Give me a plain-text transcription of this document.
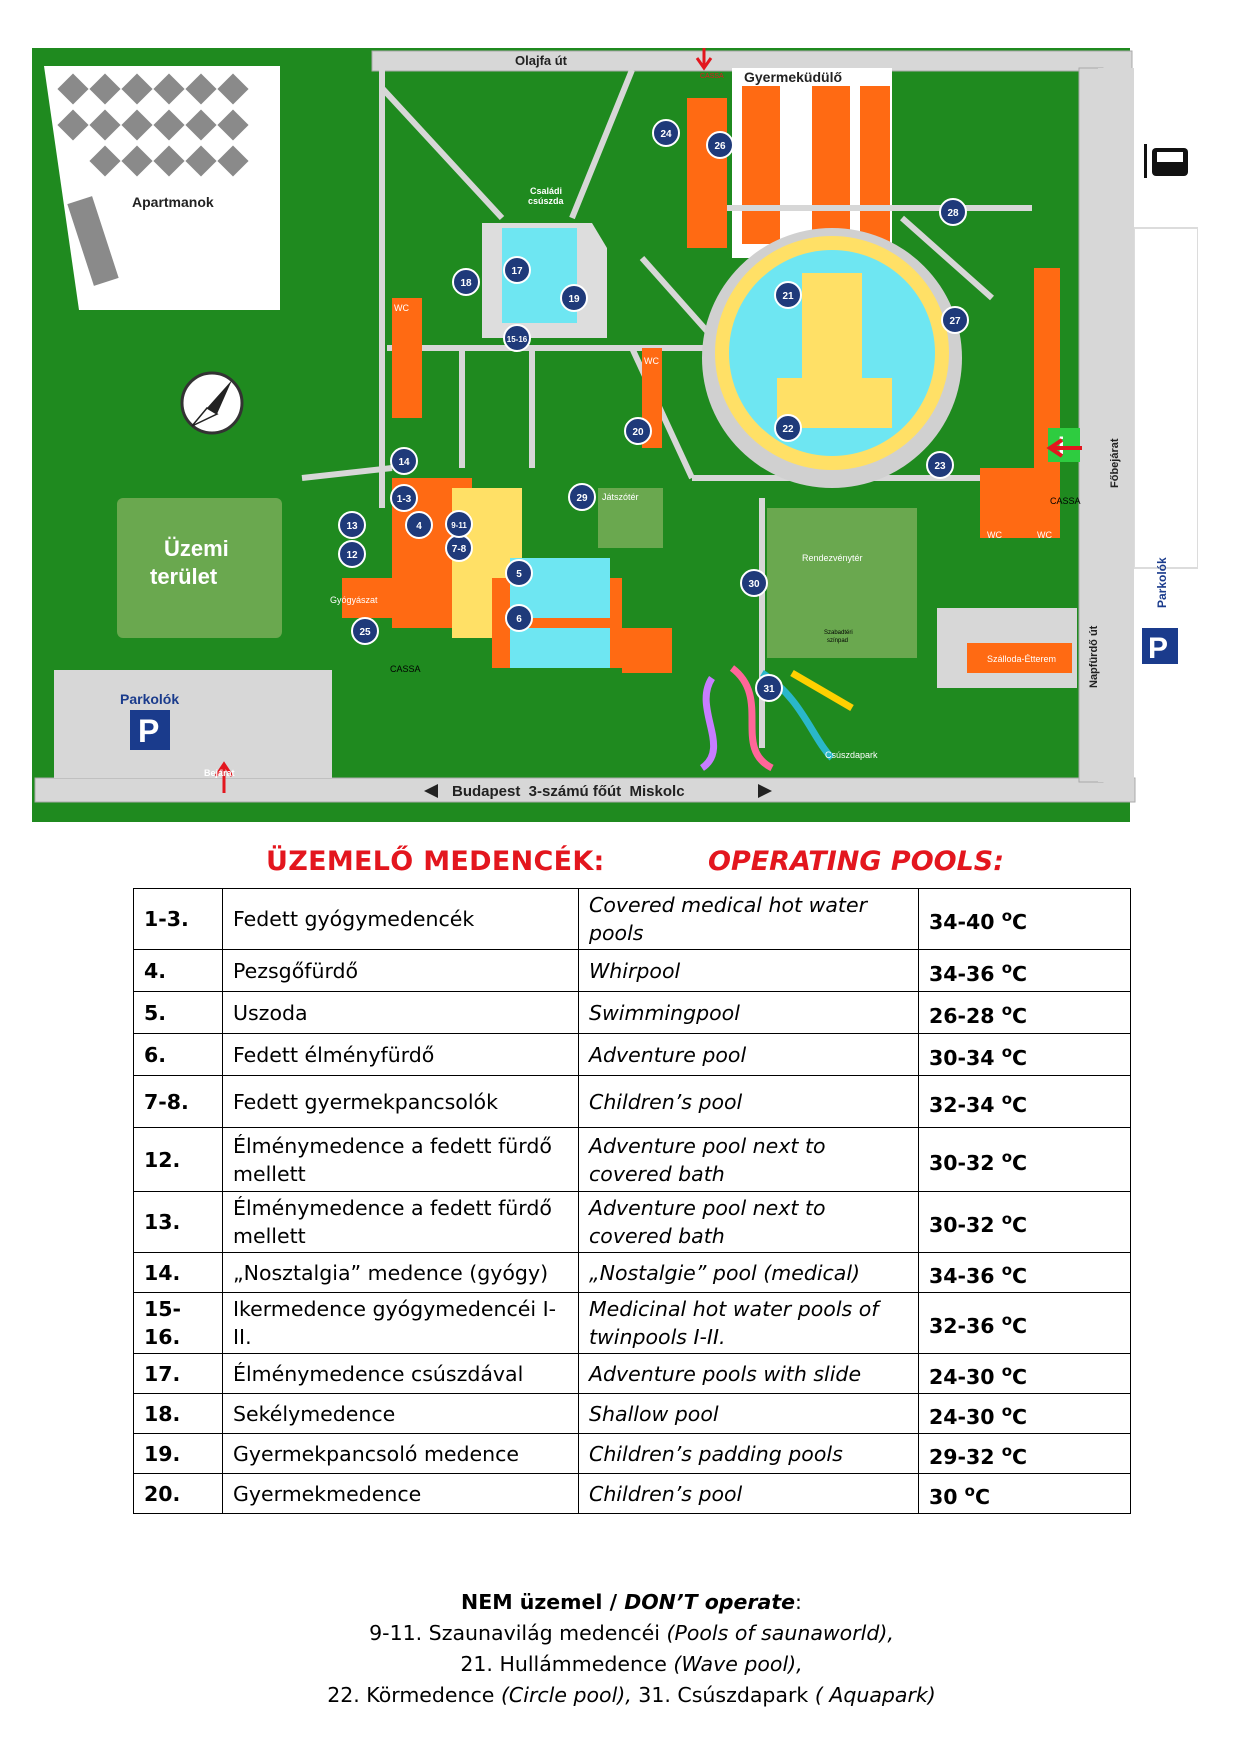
Apartmanok
Gyermeküdülő
Üzemi
terület
Parkolók
P
Családi
csúszda
Gyógyászat
WC
WC
WC
WC	WC
Játszótér
Rendezvénytér
Szabadtéri
színpad
Szálloda-Étterem
Csúszdapark
CASSA
CASSA
CASSA
i
Olajfa út
Bejárat
Budapest  3-számú főút  Miskolc
Napfürdő út
Főbejárat
Parkolók
P
1-3
4
5
6
7-8
9-11
12
13
14
15-16
17
18
19
20
21
22
23
24
25
26
27
28
29
30
31
ÜZEMELŐ MEDENCÉK:	OPERATING POOLS:
1-3.	Fedett gyógymedencék	Covered medical hot water pools	34-40 $^o$C
4.	Pezsgőfürdő	Whirpool	34-36 $^o$C
5.	Uszoda	Swimmingpool	26-28 $^o$C
6.	Fedett élményfürdő	Adventure pool	30-34 $^o$C
7-8.	Fedett gyermekpancsolók	Children’s pool	32-34 $^o$C
12.	Élménymedence a fedett fürdő mellett	Adventure pool next to covered bath	30-32 $^o$C
13.	Élménymedence a fedett fürdő mellett	Adventure pool next to covered bath	30-32 $^o$C
14.	„Nosztalgia” medence (gyógy)	„Nostalgie” pool (medical)	34-36 $^o$C
15-16.	Ikermedence gyógymedencéi I-II.	Medicinal hot water pools of twinpools I-II.	32-36 $^o$C
17.	Élménymedence csúszdával	Adventure pools with slide	24-30 $^o$C
18.	Sekélymedence	Shallow pool	24-30 $^o$C
19.	Gyermekpancsoló medence	Children’s padding pools	29-32 $^o$C
20.	Gyermekmedence	Children’s pool	30 $^o$C
NEM üzemel / DON’T operate:
9-11. Szaunavilág medencéi (Pools of saunaworld),
21. Hullámmedence (Wave pool),
22. Körmedence (Circle pool), 31. Csúszdapark ( Aquapark)
